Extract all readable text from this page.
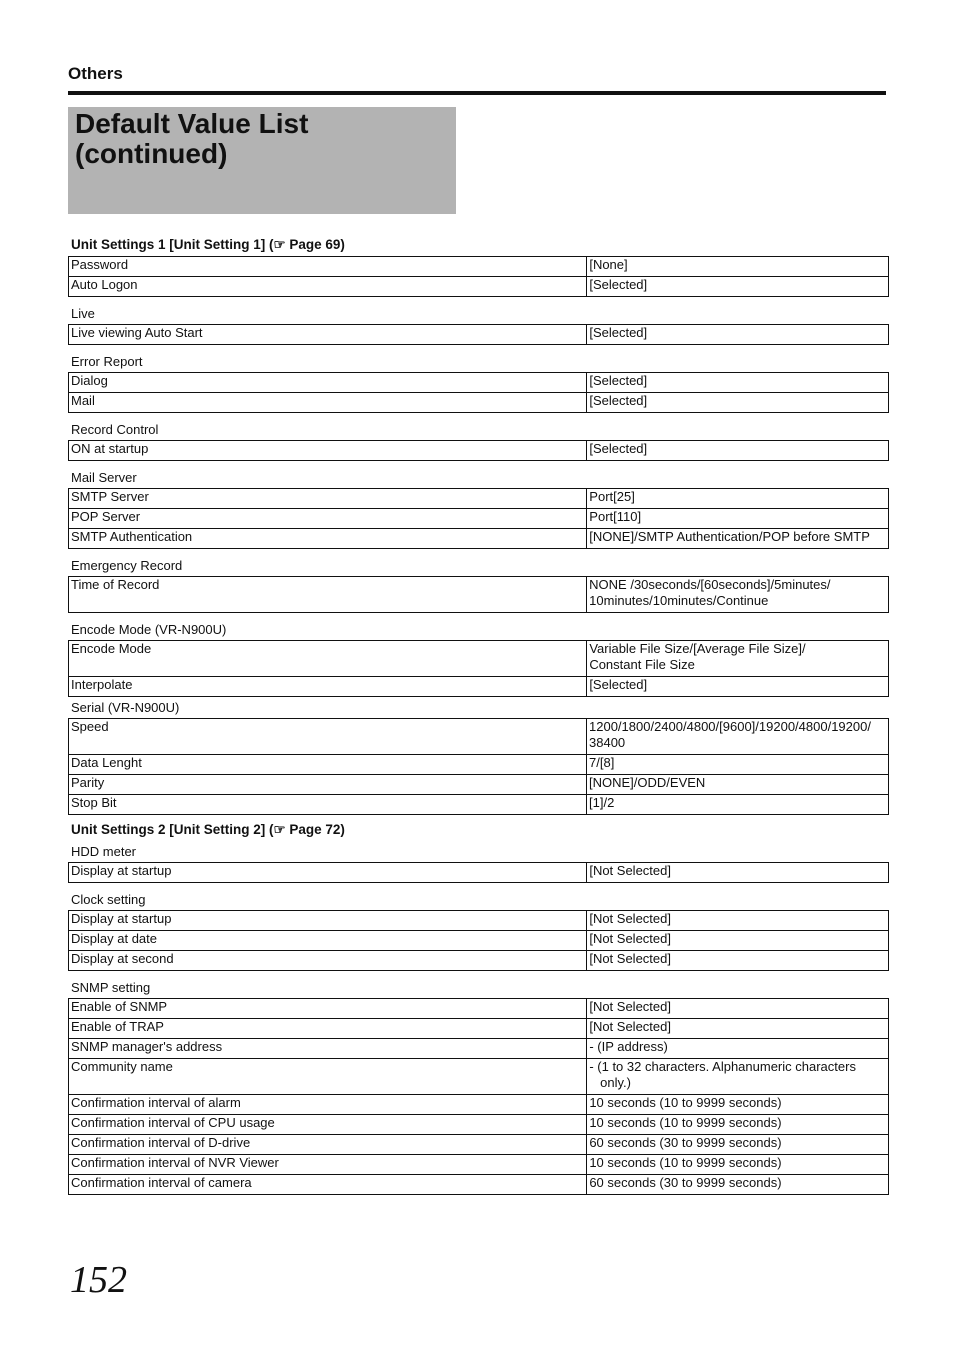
Others
Default Value List
(continued)
Unit Settings 1 [Unit Setting 1] (☞ Page 69)
Password	[None]
Auto Logon	[Selected]
Live
Live viewing Auto Start	[Selected]
Error Report
Dialog	[Selected]
Mail	[Selected]
Record Control
ON at startup	[Selected]
Mail Server
SMTP Server	Port[25]
POP Server	Port[110]
SMTP Authentication	[NONE]/SMTP Authentication/POP before SMTP
Emergency Record
Time of Record	NONE /30seconds/[60seconds]/5minutes/
10minutes/10minutes/Continue
Encode Mode (VR-N900U)
Encode Mode	Variable File Size/[Average File Size]/
Constant File Size
Interpolate	[Selected]
Serial (VR-N900U)
Speed	1200/1800/2400/4800/[9600]/19200/4800/19200/
38400
Data Lenght	7/[8]
Parity	[NONE]/ODD/EVEN
Stop Bit	[1]/2
Unit Settings 2 [Unit Setting 2] (☞ Page 72)
HDD meter
Display at startup	[Not Selected]
Clock setting
Display at startup	[Not Selected]
Display at date	[Not Selected]
Display at second	[Not Selected]
SNMP setting
Enable of SNMP	[Not Selected]
Enable of TRAP	[Not Selected]
SNMP manager's address	- (IP address)
Community name	- (1 to 32 characters. Alphanumeric characters
only.)
Confirmation interval of alarm	10 seconds (10 to 9999 seconds)
Confirmation interval of CPU usage	10 seconds (10 to 9999 seconds)
Confirmation interval of D-drive	60 seconds (30 to 9999 seconds)
Confirmation interval of NVR Viewer	10 seconds (10 to 9999 seconds)
Confirmation interval of camera	60 seconds (30 to 9999 seconds)
152
